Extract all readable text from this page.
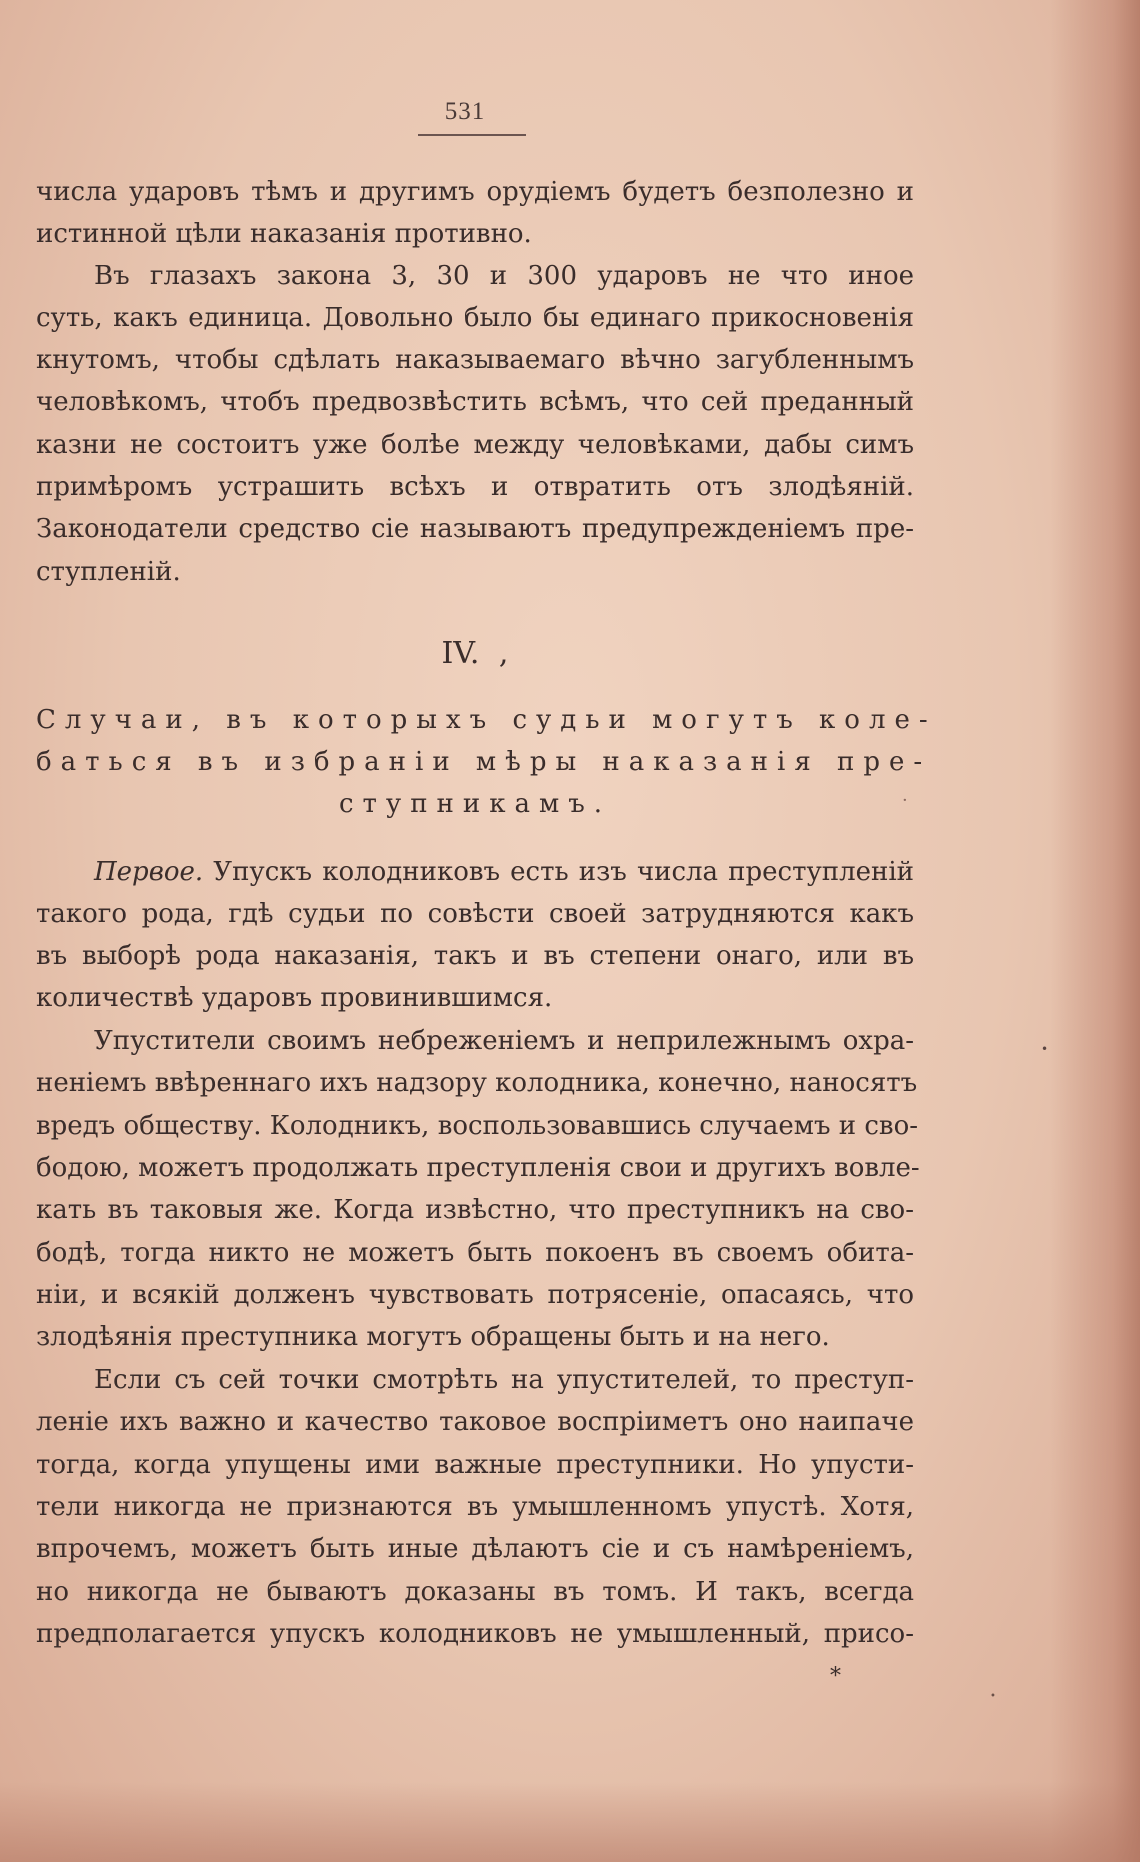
531
числа ударовъ тѣмъ и другимъ орудіемъ будетъ безполезно и
истинной цѣли наказанія противно.
Въ глазахъ закона 3, 30 и 300 ударовъ не что иное
суть, какъ единица. Довольно было бы единаго прикосновенія
кнутомъ, чтобы сдѣлать наказываемаго вѣчно загубленнымъ
человѣкомъ, чтобъ предвозвѣстить всѣмъ, что сей преданный
казни не состоитъ уже болѣе между человѣками, дабы симъ
примѣромъ устрашить всѣхъ и отвратить отъ злодѣяній.
Законодатели средство сіе называютъ предупрежденіемъ пре-
ступленій.
IV. ,
Случаи, въ которыхъ судьи могутъ коле-
баться въ избраніи мѣры наказанія пре-
ступникамъ.
Первое. Упускъ колодниковъ есть изъ числа преступленій
такого рода, гдѣ судьи по совѣсти своей затрудняются какъ
въ выборѣ рода наказанія, такъ и въ степени онаго, или въ
количествѣ ударовъ провинившимся.
Упустители своимъ небреженіемъ и неприлежнымъ охра-
неніемъ ввѣреннаго ихъ надзору колодника, конечно, наносятъ
вредъ обществу. Колодникъ, воспользовавшись случаемъ и сво-
бодою, можетъ продолжать преступленія свои и другихъ вовле-
кать въ таковыя же. Когда извѣстно, что преступникъ на сво-
бодѣ, тогда никто не можетъ быть покоенъ въ своемъ обита-
ніи, и всякій долженъ чувствовать потрясеніе, опасаясь, что
злодѣянія преступника могутъ обращены быть и на него.
Если съ сей точки смотрѣть на упустителей, то преступ-
леніе ихъ важно и качество таковое воспріиметъ оно наипаче
тогда, когда упущены ими важные преступники. Но упусти-
тели никогда не признаются въ умышленномъ упустѣ. Хотя,
впрочемъ, можетъ быть иные дѣлаютъ сіе и съ намѣреніемъ,
но никогда не бываютъ доказаны въ томъ. И такъ, всегда
предполагается упускъ колодниковъ не умышленный, присо-
*
·
•
•
